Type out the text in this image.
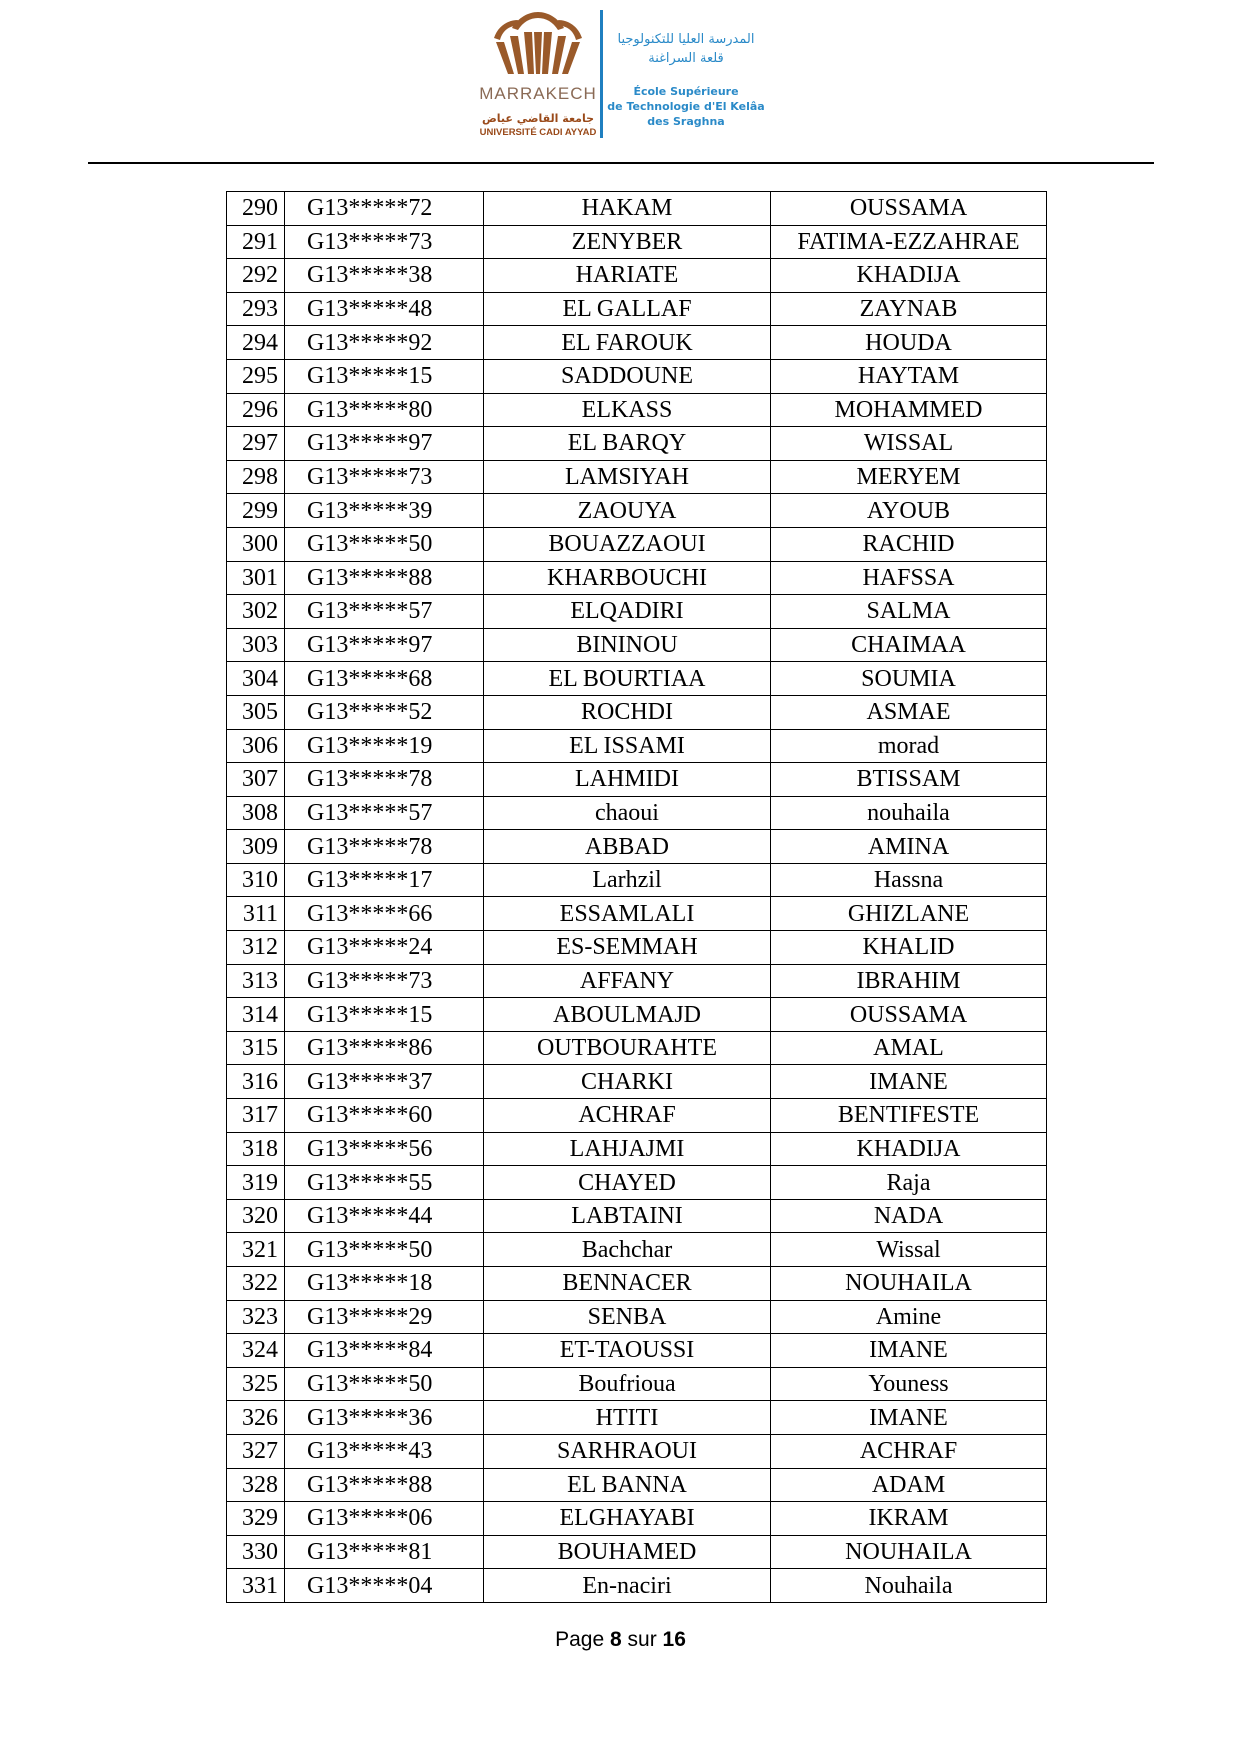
MARRAKECH
جامعة القاضي عياض
UNIVERSITÉ CADI AYYAD
المدرسة العليا للتكنولوجيا
قلعة السراغنة
École Supérieure
de Technologie d'El Kelâa
des Sraghna
290	G13*****72	HAKAM	OUSSAMA
291	G13*****73	ZENYBER	FATIMA-EZZAHRAE
292	G13*****38	HARIATE	KHADIJA
293	G13*****48	EL GALLAF	ZAYNAB
294	G13*****92	EL FAROUK	HOUDA
295	G13*****15	SADDOUNE	HAYTAM
296	G13*****80	ELKASS	MOHAMMED
297	G13*****97	EL BARQY	WISSAL
298	G13*****73	LAMSIYAH	MERYEM
299	G13*****39	ZAOUYA	AYOUB
300	G13*****50	BOUAZZAOUI	RACHID
301	G13*****88	KHARBOUCHI	HAFSSA
302	G13*****57	ELQADIRI	SALMA
303	G13*****97	BININOU	CHAIMAA
304	G13*****68	EL BOURTIAA	SOUMIA
305	G13*****52	ROCHDI	ASMAE
306	G13*****19	EL ISSAMI	morad
307	G13*****78	LAHMIDI	BTISSAM
308	G13*****57	chaoui	nouhaila
309	G13*****78	ABBAD	AMINA
310	G13*****17	Larhzil	Hassna
311	G13*****66	ESSAMLALI	GHIZLANE
312	G13*****24	ES-SEMMAH	KHALID
313	G13*****73	AFFANY	IBRAHIM
314	G13*****15	ABOULMAJD	OUSSAMA
315	G13*****86	OUTBOURAHTE	AMAL
316	G13*****37	CHARKI	IMANE
317	G13*****60	ACHRAF	BENTIFESTE
318	G13*****56	LAHJAJMI	KHADIJA
319	G13*****55	CHAYED	Raja
320	G13*****44	LABTAINI	NADA
321	G13*****50	Bachchar	Wissal
322	G13*****18	BENNACER	NOUHAILA
323	G13*****29	SENBA	Amine
324	G13*****84	ET-TAOUSSI	IMANE
325	G13*****50	Boufrioua	Youness
326	G13*****36	HTITI	IMANE
327	G13*****43	SARHRAOUI	ACHRAF
328	G13*****88	EL BANNA	ADAM
329	G13*****06	ELGHAYABI	IKRAM
330	G13*****81	BOUHAMED	NOUHAILA
331	G13*****04	En-naciri	Nouhaila
Page 8 sur 16
